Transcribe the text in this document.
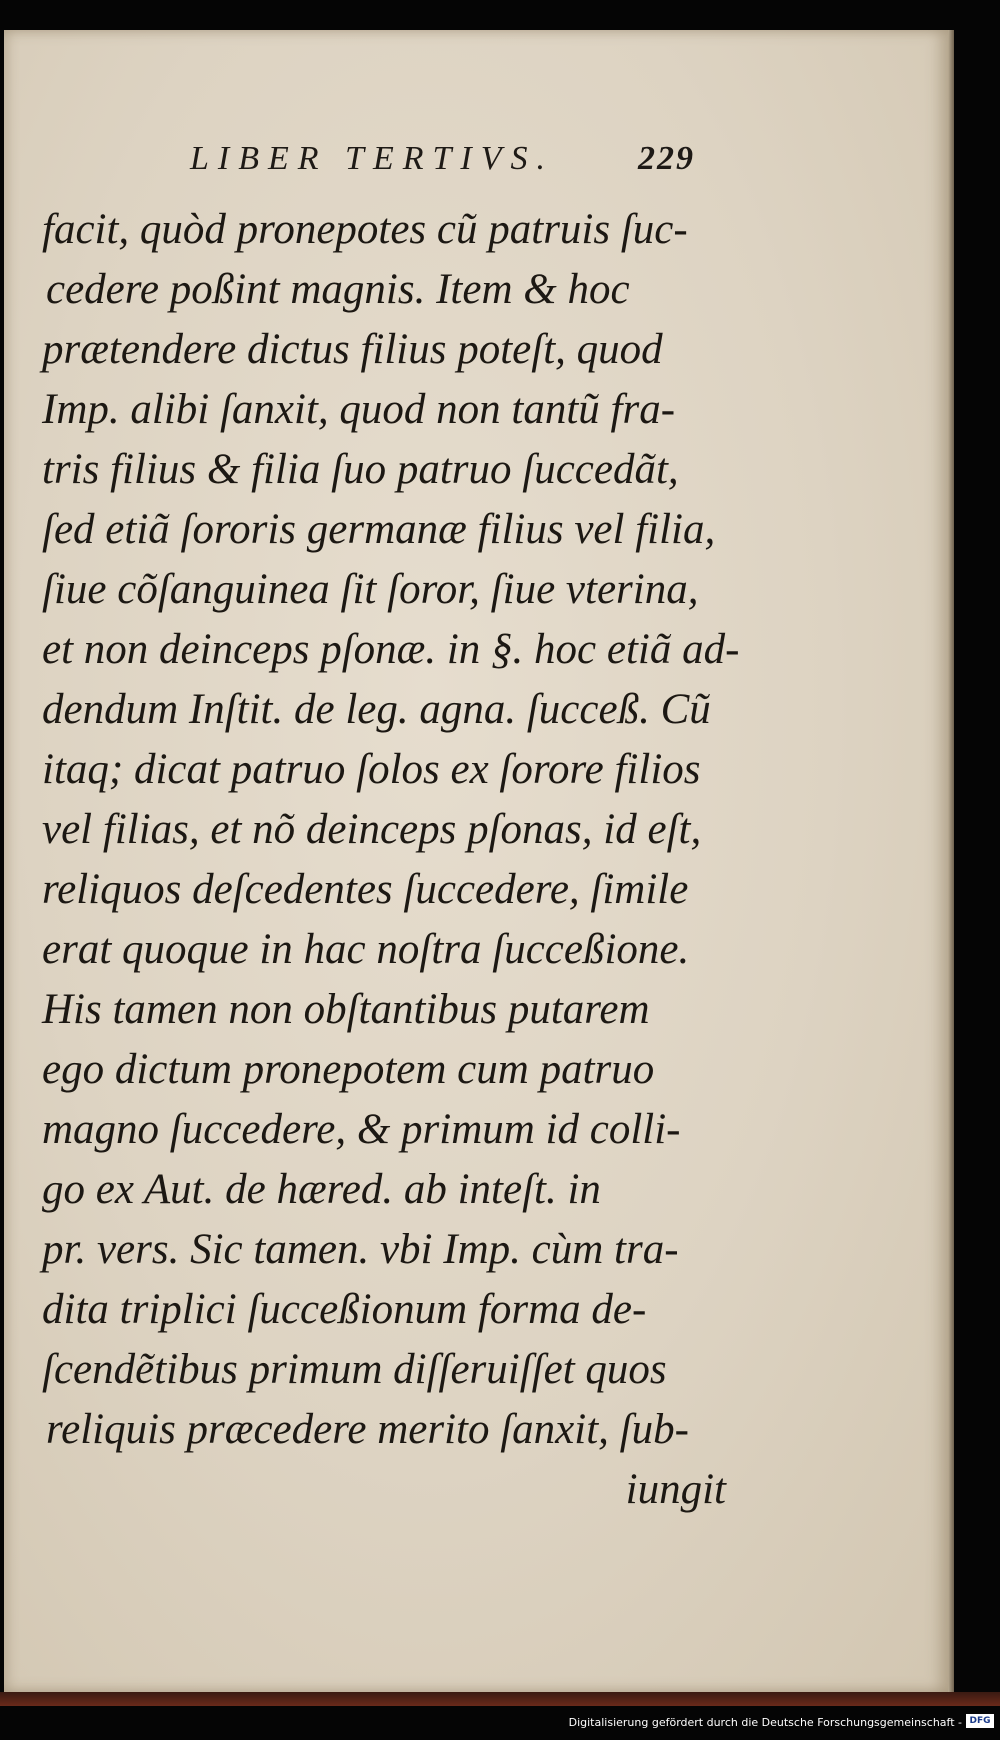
LIBER TERTIVS. 229
facit, quòd pronepotes cũ patruis ſuc-
cedere poßint magnis. Item & hoc
prætendere dictus filius poteſt, quod
Imp. alibi ſanxit, quod non tantũ fra-
tris filius & filia ſuo patruo ſuccedãt,
ſed etiã ſororis germanæ filius vel filia,
ſiue cõſanguinea ſit ſoror, ſiue vterina,
et non deinceps pſonæ. in §. hoc etiã ad-
dendum Inſtit. de leg. agna. ſucceß. Cũ
itaq; dicat patruo ſolos ex ſorore filios
vel filias, et nõ deinceps pſonas, id eſt,
reliquos deſcedentes ſuccedere, ſimile
erat quoque in hac noſtra ſucceßione.
His tamen non obſtantibus putarem
ego dictum pronepotem cum patruo
magno ſuccedere, & primum id colli-
go ex Aut. de hæred. ab inteſt. in
pr. vers. Sic tamen. vbi Imp. cùm tra-
dita triplici ſucceßionum forma de-
ſcendẽtibus primum diſſeruiſſet quos
reliquis præcedere merito ſanxit, ſub-
iungit
Digitalisierung gefördert durch die Deutsche Forschungsgemeinschaft - DFG
